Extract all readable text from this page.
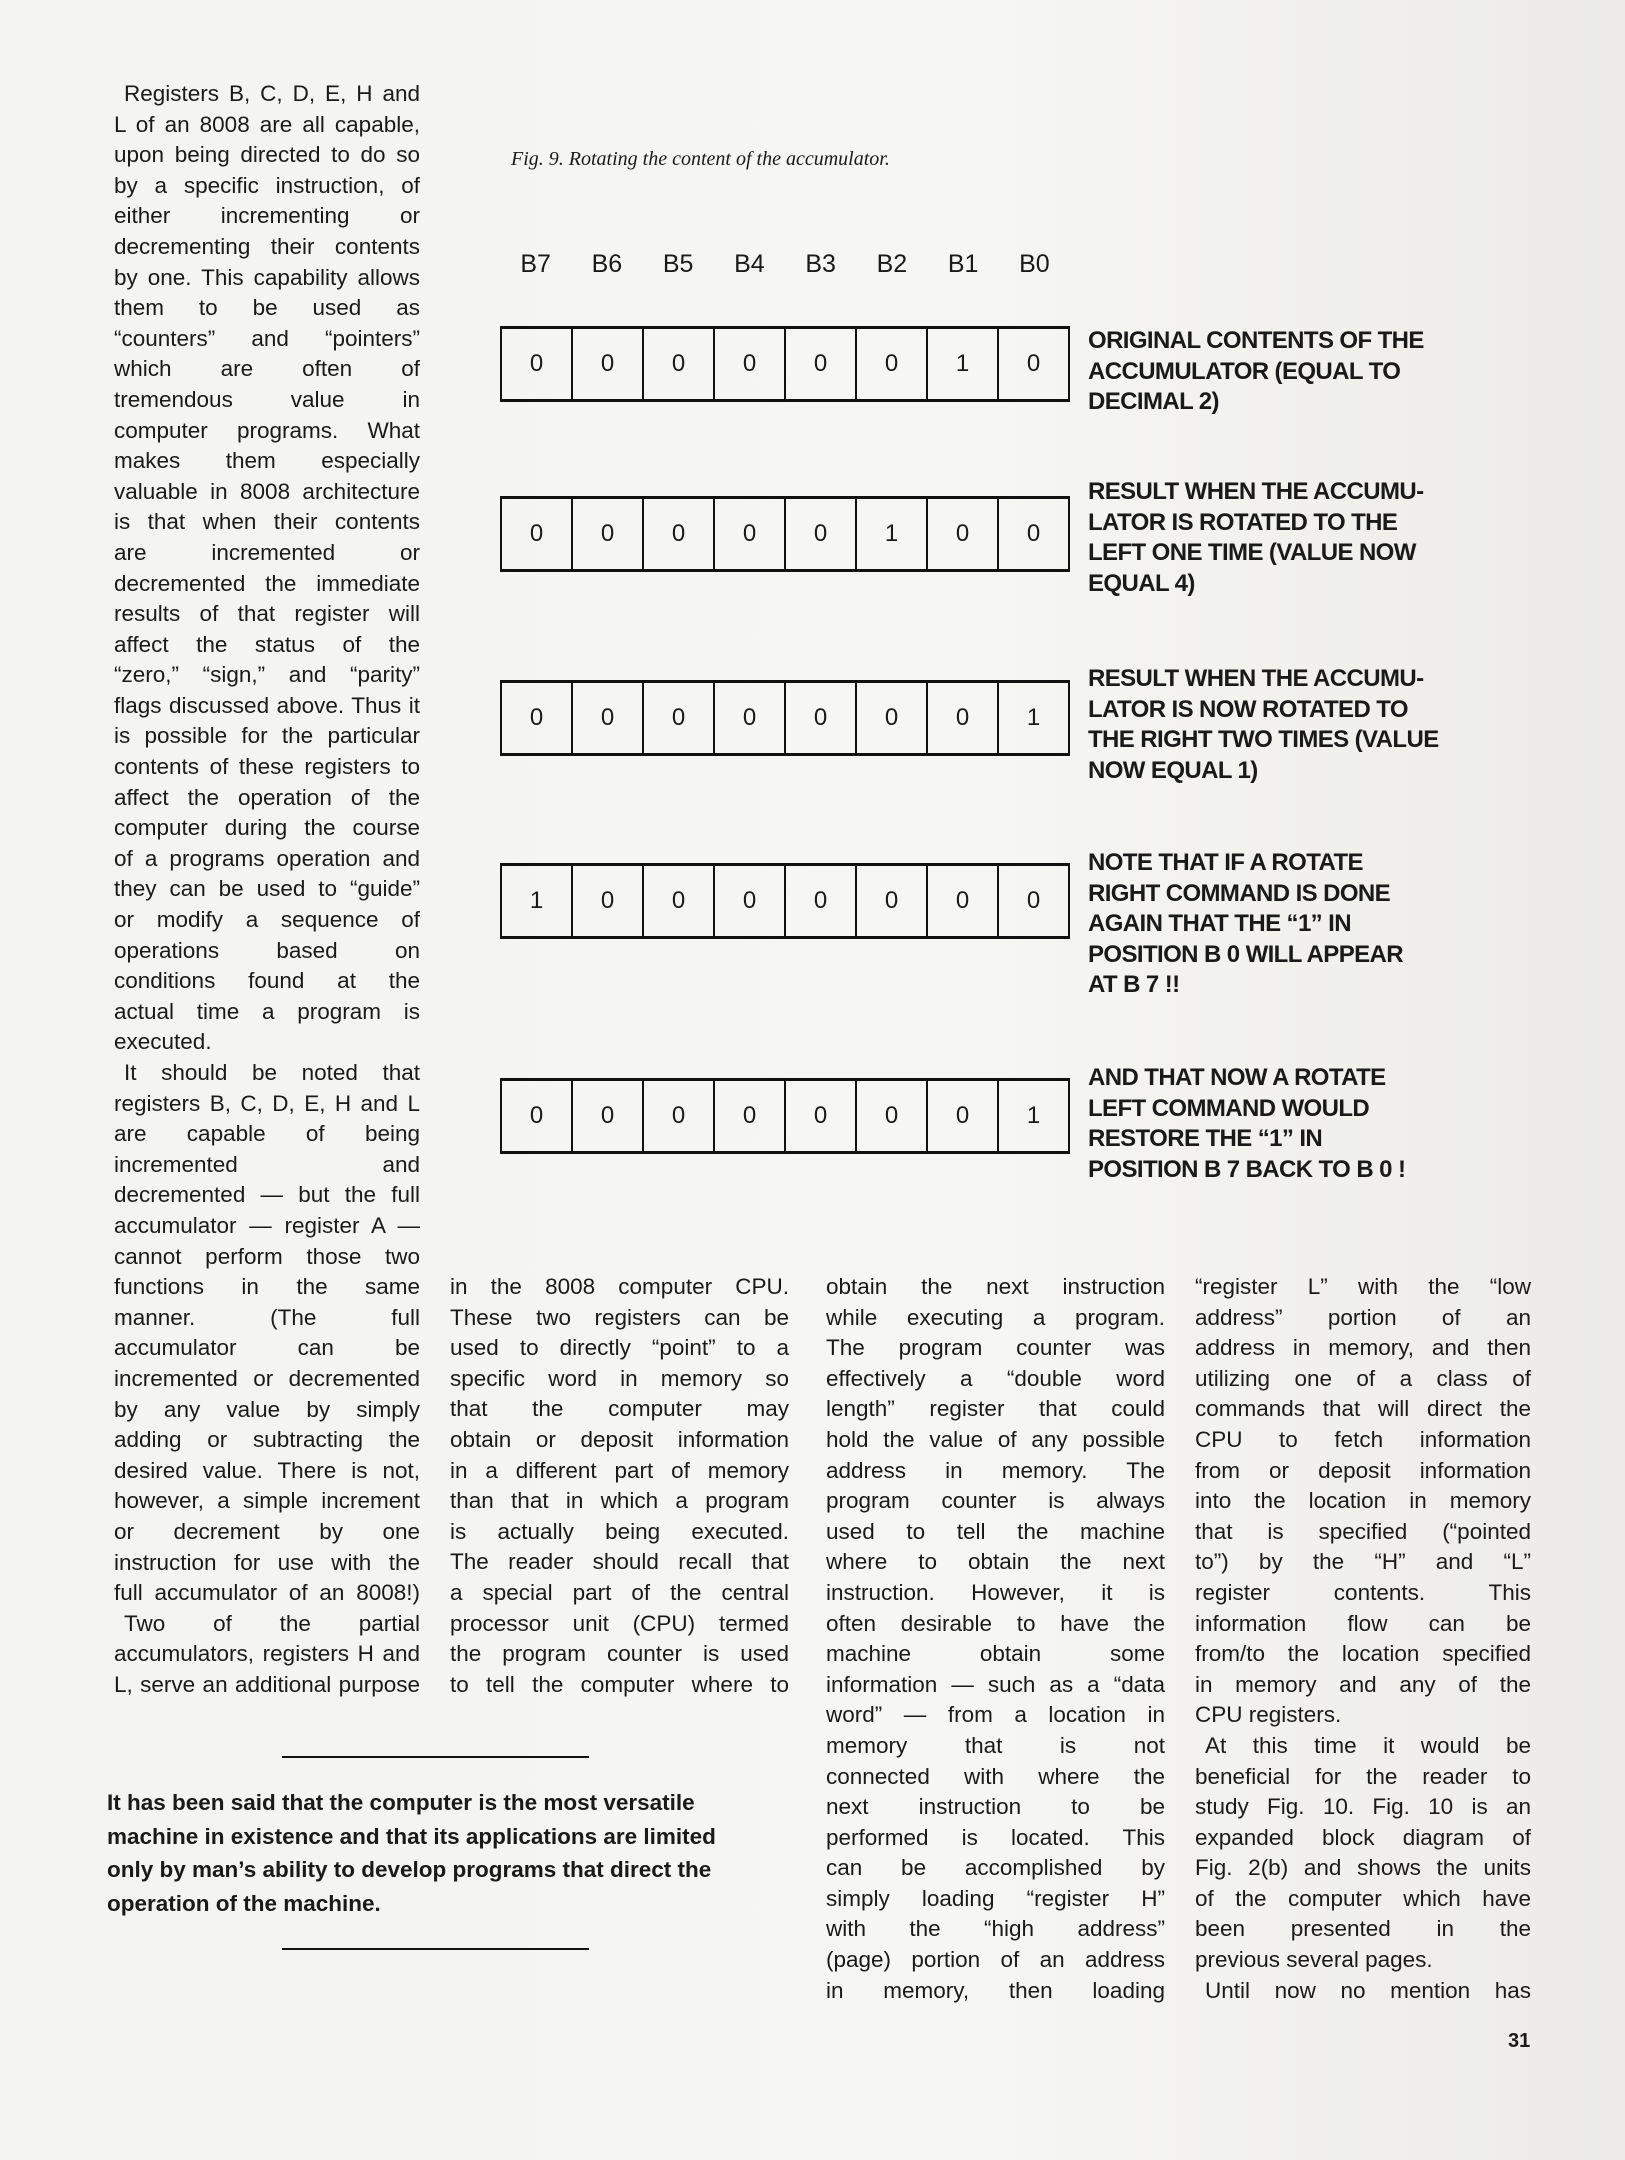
Registers B, C, D, E, H and
L of an 8008 are all capable,
upon being directed to do so
by a specific instruction, of
either incrementing or
decrementing their contents
by one. This capability allows
them to be used as
“counters” and “pointers”
which are often of
tremendous value in
computer programs. What
makes them especially
valuable in 8008 architecture
is that when their contents
are incremented or
decremented the immediate
results of that register will
affect the status of the
“zero,” “sign,” and “parity”
flags discussed above. Thus it
is possible for the particular
contents of these registers to
affect the operation of the
computer during the course
of a programs operation and
they can be used to “guide”
or modify a sequence of
operations based on
conditions found at the
actual time a program is
executed.
It should be noted that
registers B, C, D, E, H and L
are capable of being
incremented and
decremented — but the full
accumulator — register A —
cannot perform those two
functions in the same
manner. (The full
accumulator can be
incremented or decremented
by any value by simply
adding or subtracting the
desired value. There is not,
however, a simple increment
or decrement by one
instruction for use with the
full accumulator of an 8008!)
Two of the partial
accumulators, registers H and
L, serve an additional purpose
in the 8008 computer CPU.
These two registers can be
used to directly “point” to a
specific word in memory so
that the computer may
obtain or deposit information
in a different part of memory
than that in which a program
is actually being executed.
The reader should recall that
a special part of the central
processor unit (CPU) termed
the program counter is used
to tell the computer where to
obtain the next instruction
while executing a program.
The program counter was
effectively a “double word
length” register that could
hold the value of any possible
address in memory. The
program counter is always
used to tell the machine
where to obtain the next
instruction. However, it is
often desirable to have the
machine obtain some
information — such as a “data
word” — from a location in
memory that is not
connected with where the
next instruction to be
performed is located. This
can be accomplished by
simply loading “register H”
with the “high address”
(page) portion of an address
in memory, then loading
“register L” with the “low
address” portion of an
address in memory, and then
utilizing one of a class of
commands that will direct the
CPU to fetch information
from or deposit information
into the location in memory
that is specified (“pointed
to”) by the “H” and “L”
register contents. This
information flow can be
from/to the location specified
in memory and any of the
CPU registers.
At this time it would be
beneficial for the reader to
study Fig. 10. Fig. 10 is an
expanded block diagram of
Fig. 2(b) and shows the units
of the computer which have
been presented in the
previous several pages.
Until now no mention has
Fig. 9. Rotating the content of the accumulator.
B7	B6	B5	B4	B3	B2	B1	B0
0	0	0	0	0	0	1	0
ORIGINAL CONTENTS OF THE
ACCUMULATOR (EQUAL TO
DECIMAL 2)
0	0	0	0	0	1	0	0
RESULT WHEN THE ACCUMU-
LATOR IS ROTATED TO THE
LEFT ONE TIME (VALUE NOW
EQUAL 4)
0	0	0	0	0	0	0	1
RESULT WHEN THE ACCUMU-
LATOR IS NOW ROTATED TO
THE RIGHT TWO TIMES (VALUE
NOW EQUAL 1)
1	0	0	0	0	0	0	0
NOTE THAT IF A ROTATE
RIGHT COMMAND IS DONE
AGAIN THAT THE “1” IN
POSITION B 0 WILL APPEAR
AT B 7 !!
0	0	0	0	0	0	0	1
AND THAT NOW A ROTATE
LEFT COMMAND WOULD
RESTORE THE “1” IN
POSITION B 7 BACK TO B 0 !
It has been said that the computer is the most versatile
machine in existence and that its applications are limited
only by man’s ability to develop programs that direct the
operation of the machine.
31
